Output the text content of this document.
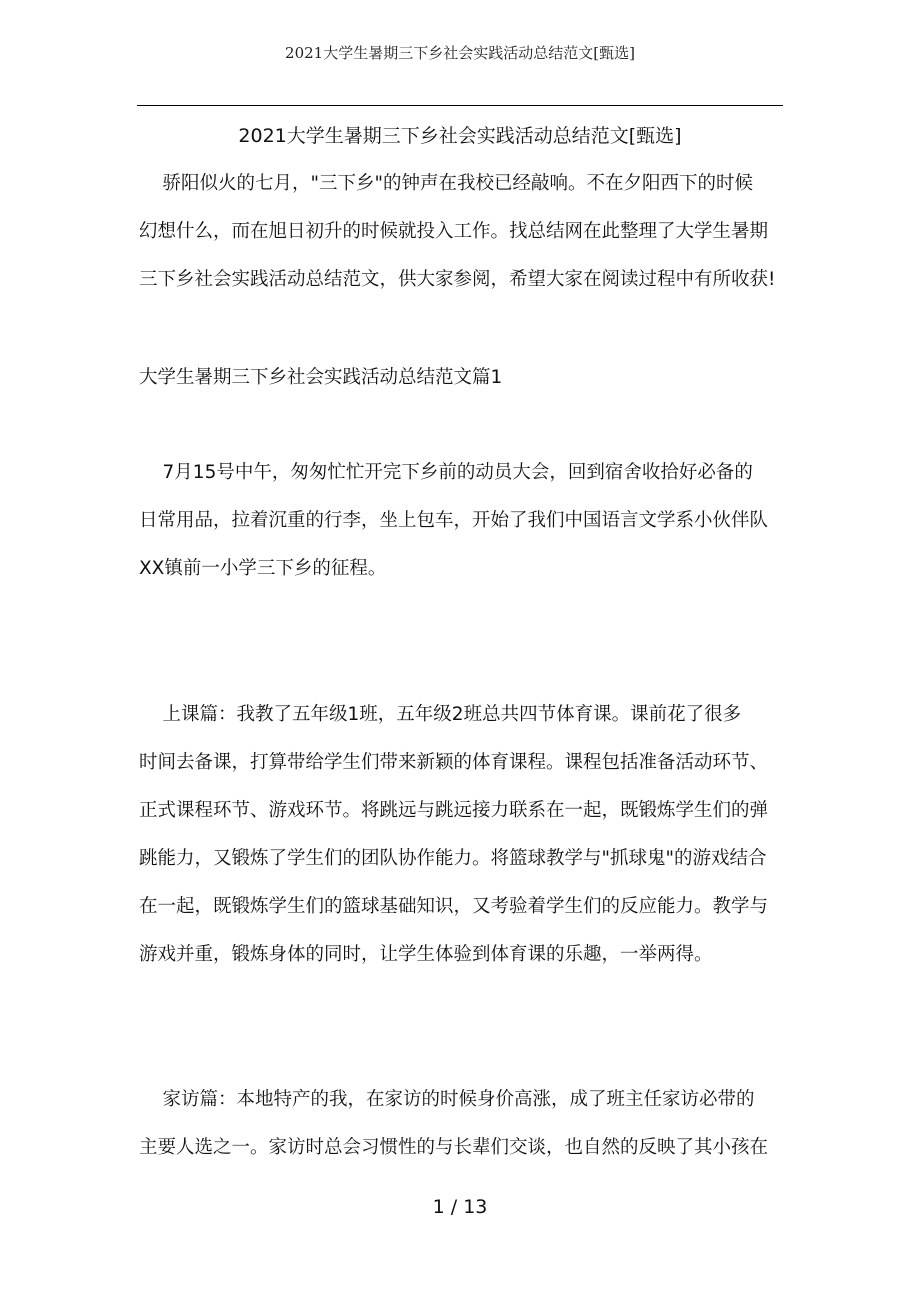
2021大学生暑期三下乡社会实践活动总结范文[甄选]
2021大学生暑期三下乡社会实践活动总结范文[甄选]

骄阳似火的七月，"三下乡"的钟声在我校已经敲响。不在夕阳西下的时候

幻想什么，而在旭日初升的时候就投入工作。找总结网在此整理了大学生暑期

三下乡社会实践活动总结范文，供大家参阅，希望大家在阅读过程中有所收获!

大学生暑期三下乡社会实践活动总结范文篇1

7月15号中午，匆匆忙忙开完下乡前的动员大会，回到宿舍收拾好必备的

日常用品，拉着沉重的行李，坐上包车，开始了我们中国语言文学系小伙伴队

XX镇前一小学三下乡的征程。

上课篇：我教了五年级1班，五年级2班总共四节体育课。课前花了很多

时间去备课，打算带给学生们带来新颖的体育课程。课程包括准备活动环节、

正式课程环节、游戏环节。将跳远与跳远接力联系在一起，既锻炼学生们的弹

跳能力，又锻炼了学生们的团队协作能力。将篮球教学与"抓球鬼"的游戏结合

在一起，既锻炼学生们的篮球基础知识，又考验着学生们的反应能力。教学与

游戏并重，锻炼身体的同时，让学生体验到体育课的乐趣，一举两得。

家访篇：本地特产的我，在家访的时候身价高涨，成了班主任家访必带的

主要人选之一。家访时总会习惯性的与长辈们交谈，也自然的反映了其小孩在

1 / 13
